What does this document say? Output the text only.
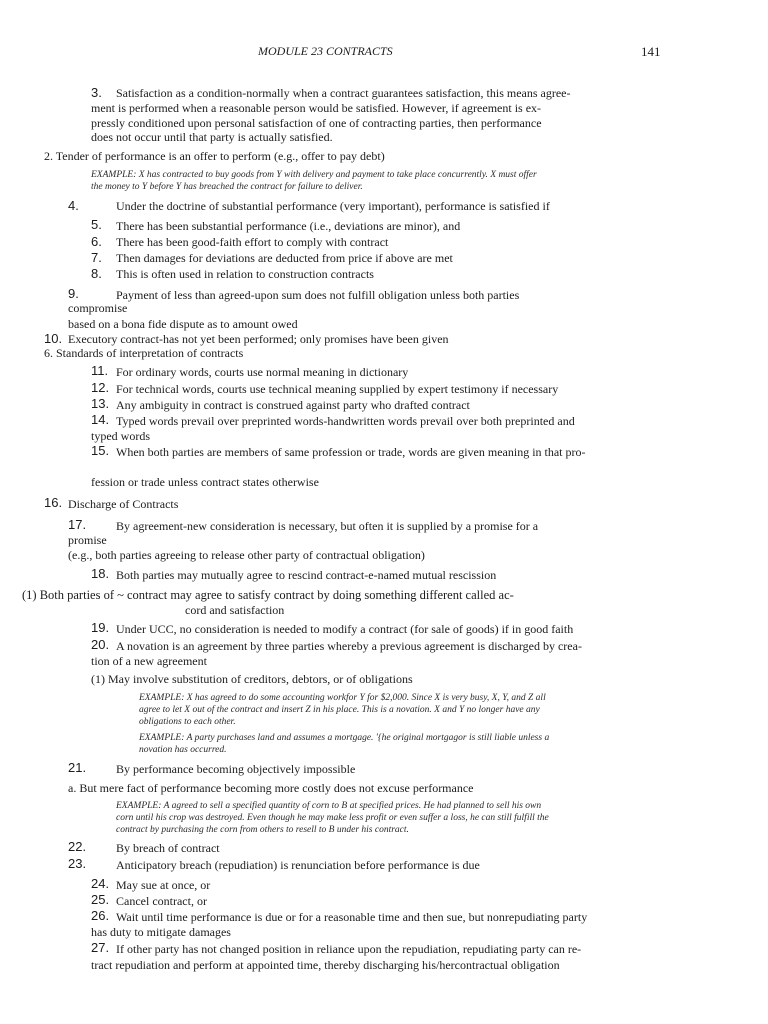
MODULE 23 CONTRACTS	141
3. Satisfaction as a condition-normally when a contract guarantees satisfaction, this means agree-
ment is performed when a reasonable person would be satisfied. However, if agreement is ex-
pressly conditioned upon personal satisfaction of one of contracting parties, then performance
does not occur until that party is actually satisfied.
2. Tender of performance is an offer to perform (e.g., offer to pay debt)
EXAMPLE: X has contracted to buy goods from Y with delivery and payment to take place concurrently. X must offer
the money to Y before Y has breached the contract for failure to deliver.
4.	Under the doctrine of substantial performance (very important), performance is satisfied if
5. There has been substantial performance (i.e., deviations are minor), and
6. There has been good-faith effort to comply with contract
7. Then damages for deviations are deducted from price if above are met
8. This is often used in relation to construction contracts
9.	Payment of less than agreed-upon sum does not fulfill obligation unless both parties
compromise
based on a bona fide dispute as to amount owed
10. Executory contract-has not yet been performed; only promises have been given
6. Standards of interpretation of contracts
11. For ordinary words, courts use normal meaning in dictionary
12. For technical words, courts use technical meaning supplied by expert testimony if necessary
13. Any ambiguity in contract is construed against party who drafted contract
14. Typed words prevail over preprinted words-handwritten words prevail over both preprinted and
typed words
15. When both parties are members of same profession or trade, words are given meaning in that pro-
fession or trade unless contract states otherwise
16. Discharge of Contracts
17. By agreement-new consideration is necessary, but often it is supplied by a promise for a
promise
(e.g., both parties agreeing to release other party of contractual obligation)
18. Both parties may mutually agree to rescind contract-e-named mutual rescission
(1) Both parties of ~ contract may agree to satisfy contract by doing something different called ac-
cord and satisfaction
19. Under UCC, no consideration is needed to modify a contract (for sale of goods) if in good faith
20. A novation is an agreement by three parties whereby a previous agreement is discharged by crea-
tion of a new agreement
(1) May involve substitution of creditors, debtors, or of obligations
EXAMPLE: X has agreed to do some accounting workfor Y for $2,000. Since X is very busy, X, Y, and Z all
agree to let X out of the contract and insert Z in his place. This is a novation. X and Y no longer have any
obligations to each other.
EXAMPLE: A party purchases land and assumes a mortgage. '{he original mortgagor is still liable unless a
novation has occurred.
21. By performance becoming objectively impossible
a. But mere fact of performance becoming more costly does not excuse performance
EXAMPLE: A agreed to sell a specified quantity of corn to B at specified prices. He had planned to sell his own
corn until his crop was destroyed. Even though he may make less profit or even suffer a loss, he can still fulfill the
contract by purchasing the corn from others to resell to B under his contract.
22. By breach of contract
23. Anticipatory breach (repudiation) is renunciation before performance is due
24. May sue at once, or
25. Cancel contract, or
26. Wait until time performance is due or for a reasonable time and then sue, but nonrepudiating party
has duty to mitigate damages
27. If other party has not changed position in reliance upon the repudiation, repudiating party can re-
tract repudiation and perform at appointed time, thereby discharging his/hercontractual obligation
